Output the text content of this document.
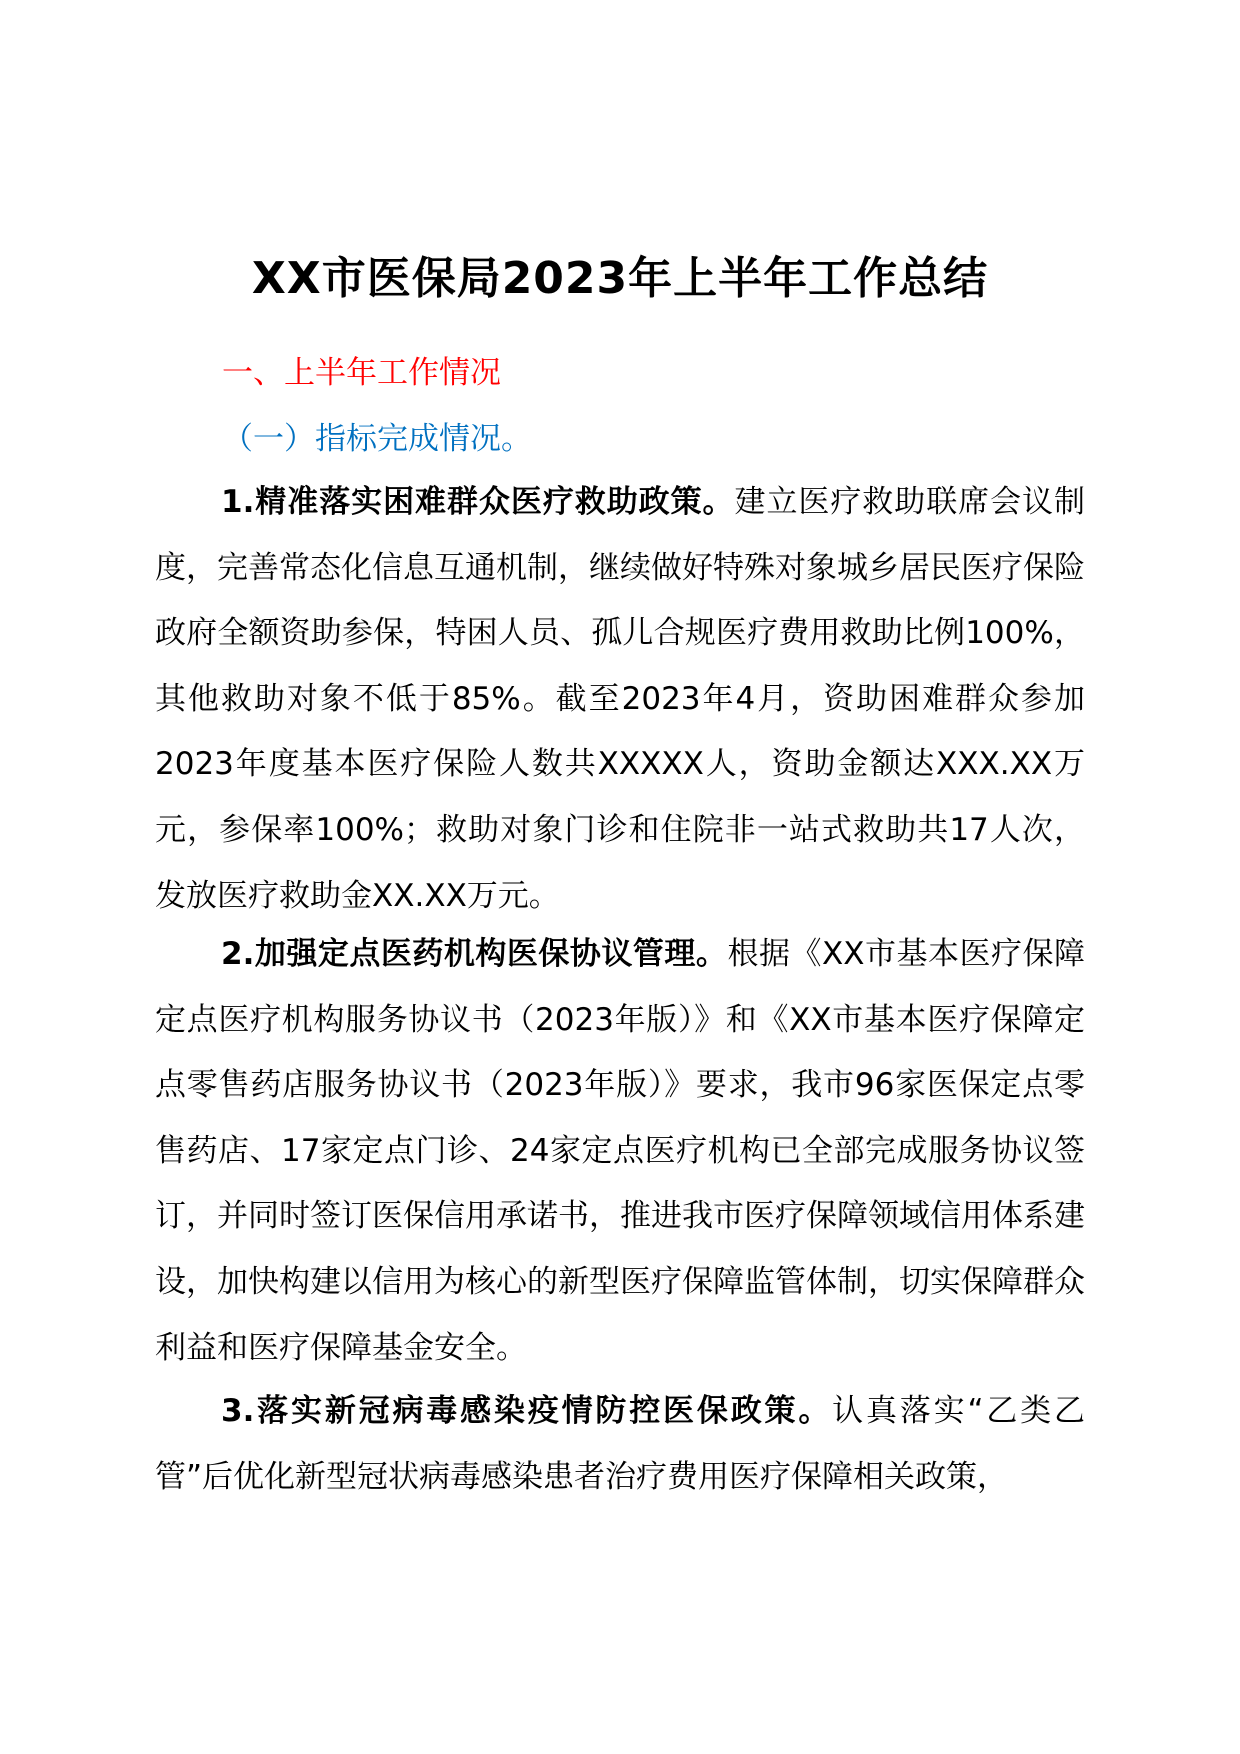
XX市医保局2023年上半年工作总结
一、上半年工作情况
（一）指标完成情况。

1.精准落实困难群众医疗救助政策。建立医疗救助联席会议制度，完善常态化信息互通机制，继续做好特殊对象城乡居民医疗保险政府全额资助参保，特困人员、孤儿合规医疗费用救助比例100%，其他救助对象不低于85%。截至2023年4月，资助困难群众参加2023年度基本医疗保险人数共XXXXX人，资助金额达XXX.XX万元，参保率100%；救助对象门诊和住院非一站式救助共17人次，发放医疗救助金XX.XX万元。

2.加强定点医药机构医保协议管理。根据《XX市基本医疗保障定点医疗机构服务协议书（2023年版）》和《XX市基本医疗保障定点零售药店服务协议书（2023年版）》要求，我市96家医保定点零售药店、17家定点门诊、24家定点医疗机构已全部完成服务协议签订，并同时签订医保信用承诺书，推进我市医疗保障领域信用体系建设，加快构建以信用为核心的新型医疗保障监管体制，切实保障群众利益和医疗保障基金安全。

3.落实新冠病毒感染疫情防控医保政策。认真落实“乙类乙管”后优化新型冠状病毒感染患者治疗费用医疗保障相关政策，
